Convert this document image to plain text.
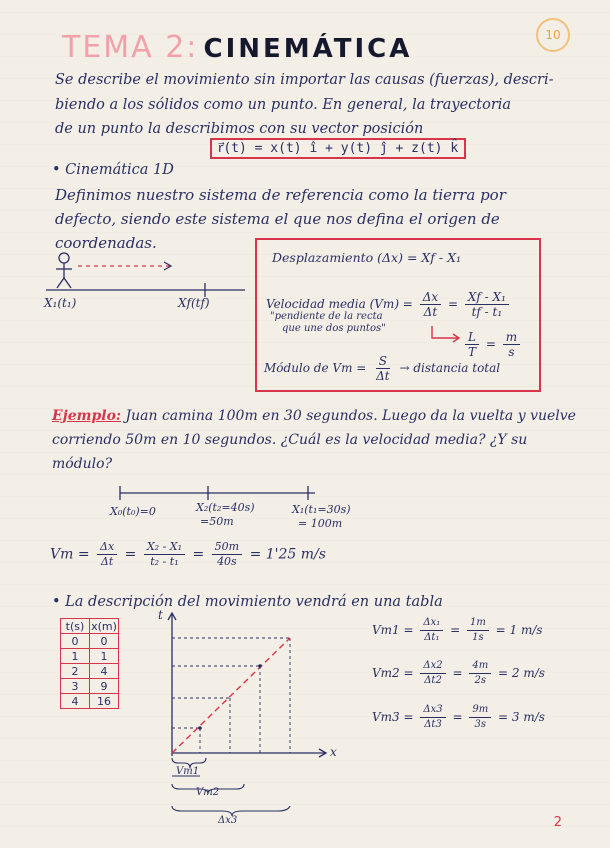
TEMA 2: CINEMÁTICA	10
Se describe el movimiento sin importar las causas (fuerzas), descri-
biendo a los sólidos como un punto. En general, la trayectoria
de un punto la describimos con su vector posición
r⃗(t) = x(t) î + y(t) ĵ + z(t) k̂
• Cinemática 1D
Definimos nuestro sistema de referencia como la tierra por
defecto, siendo este sistema el que nos defina el origen de
coordenadas.
X₁(t₁)	Xf(tf)
Desplazamiento (Δx) = Xf - X₁
Velocidad media $(Vm) = \frac{\Delta x}{\Delta t} = \frac{\text{Xf - X₁}}{\text{tf - t₁}}$
"pendiente de la recta
que une dos puntos"
$\frac{L}{T} = \frac{m}{s}$
Módulo de $Vm = \frac{S}{\Delta t}$ → distancia total
Ejemplo: Juan camina 100m en 30 segundos. Luego da la vuelta y vuelve
corriendo 50m en 10 segundos. ¿Cuál es la velocidad media? ¿Y su
módulo?
X₀(t₀)=0	X₂(t₂=40s)
=50m
X₁(t₁=30s)
= 100m
$Vm = \frac{\Delta x}{\Delta t} = \frac{\text{X₂ - X₁}}{\text{t₂ - t₁}} = \frac{50m}{40s} = 1'25$ m/s
• La descripción del movimiento vendrá en una tabla
t(s)	x(m)
0	0
1	1
2	4
3	9
4	16
t
x
Vm1
Vm2
Δx3
$Vm1 = \frac{\text{Δx₁}}{\text{Δt₁}} = \frac{1m}{1s} = 1$ m/s
$Vm2 = \frac{\Delta x2}{\Delta t2} = \frac{4m}{2s} = 2$ m/s
$Vm3 = \frac{\Delta x3}{\Delta t3} = \frac{9m}{3s} = 3$ m/s
2
